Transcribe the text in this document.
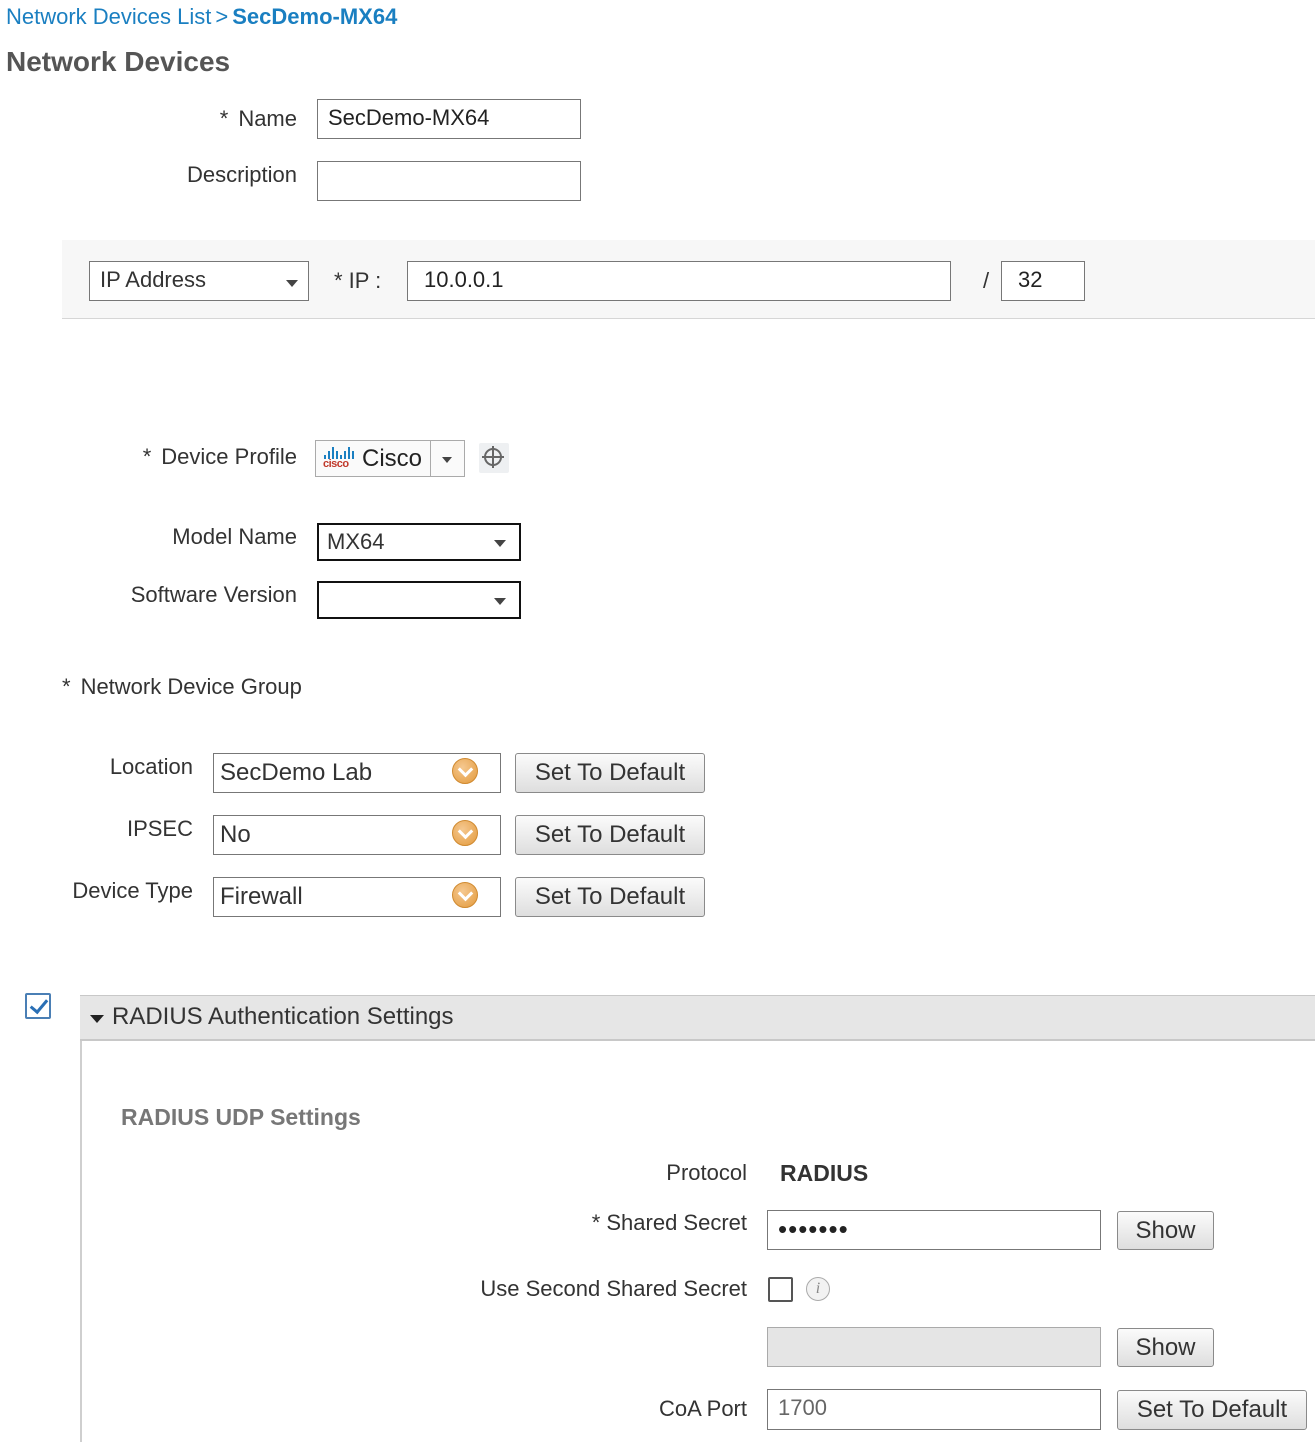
Network Devices List > SecDemo-MX64
Network Devices
* Name	SecDemo-MX64
Description
IP Address	* IP :	10.0.0.1	/	32
* Device Profile cisco Cisco
Model Name	MX64
Software Version
* Network Device Group
Location SecDemo Lab	Set To Default
IPSEC No	Set To Default
Device Type Firewall	Set To Default
RADIUS Authentication Settings
RADIUS UDP Settings
Protocol RADIUS
* Shared Secret	•••••••	Show
Use Second Shared Secret	i
Show
CoA Port	1700	Set To Default
